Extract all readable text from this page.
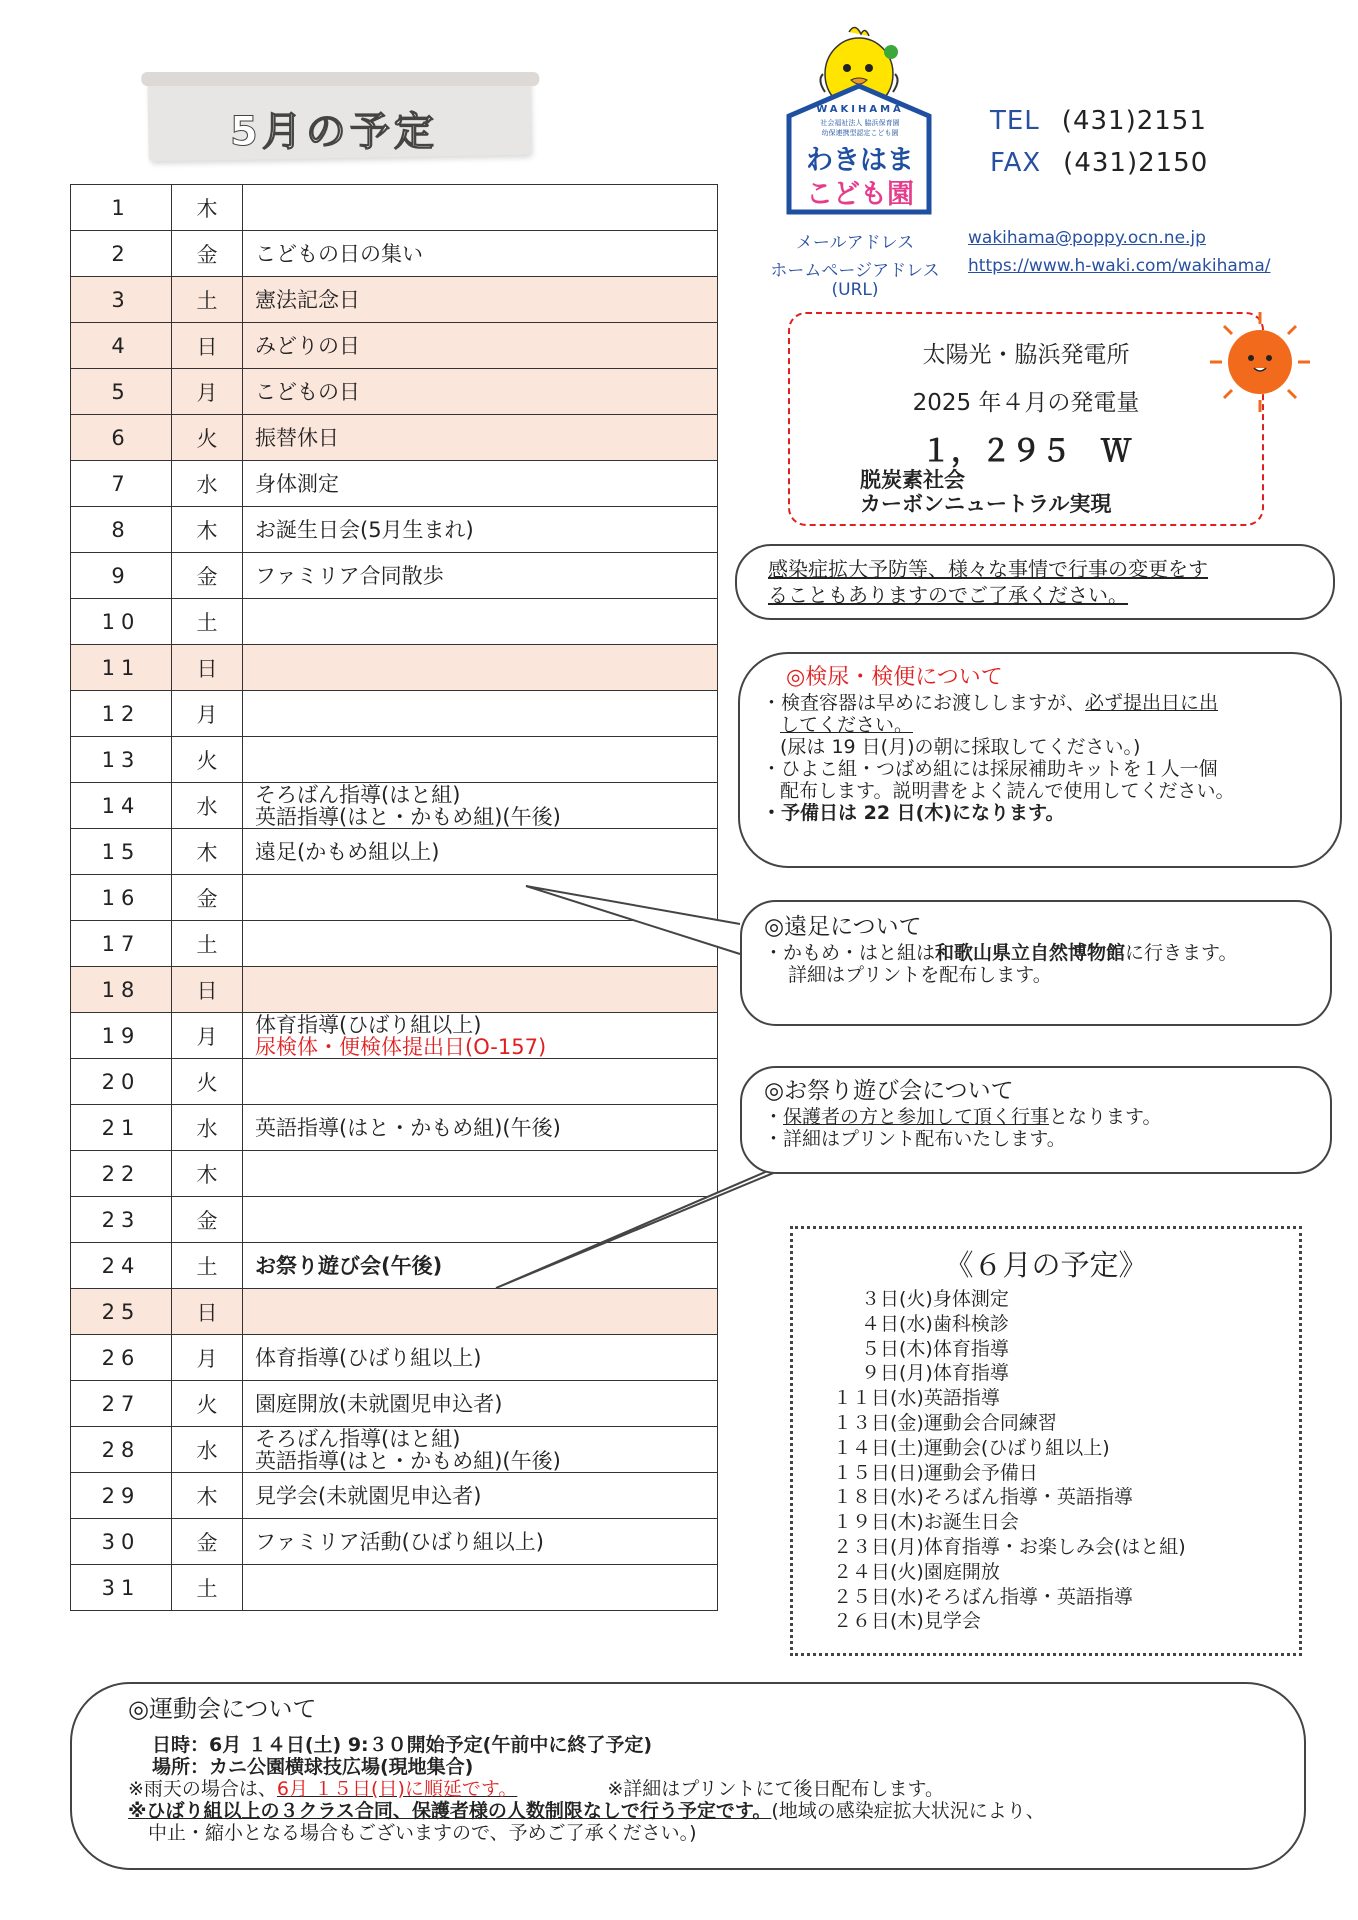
5月の予定
1	木	
2	金	こどもの日の集い

3	土	憲法記念日

4	日	みどりの日

5	月	こどもの日

6	火	振替休日

7	水	身体測定

8	木	お誕生日会(5月生まれ)

9	金	ファミリア合同散歩

10	土	
11	日	
12	月	
13	火	
14	水	そろばん指導(はと組)
英語指導(はと・かもめ組)(午後)

15	木	遠足(かもめ組以上)

16	金	
17	土	
18	日	
19	月	体育指導(ひばり組以上)
尿検体・便検体提出日(O-157)

20	火	
21	水	英語指導(はと・かもめ組)(午後)

22	木	
23	金	
24	土	お祭り遊び会(午後)

25	日	
26	月	体育指導(ひばり組以上)

27	火	園庭開放(未就園児申込者)

28	水	そろばん指導(はと組)
英語指導(はと・かもめ組)(午後)

29	木	見学会(未就園児申込者)

30	金	ファミリア活動(ひばり組以上)

31	土	
WAKIHAMA
社会福祉法人 脇浜保育園
幼保連携型認定こども園
わきはま
こども園
TEL (431)2151
FAX (431)2150
メールアドレス	wakihama@poppy.ocn.ne.jp
ホームページアドレス
(URL)
https://www.h-waki.com/wakihama/
太陽光・脇浜発電所
2025 年４月の発電量
１，２９５　Ｗ
脱炭素社会
カーボンニュートラル実現
感染症拡大予防等、様々な事情で行事の変更をす
ることもありますのでご了承ください。
◎検尿・検便について
・検査容器は早めにお渡ししますが、必ず提出日に出
してください。
(尿は 19 日(月)の朝に採取してください。)
・ひよこ組・つばめ組には採尿補助キットを１人一個
配布します。説明書をよく読んで使用してください。
・予備日は 22 日(木)になります。
◎遠足について
・かもめ・はと組は和歌山県立自然博物館に行きます。
詳細はプリントを配布します。
◎お祭り遊び会について
・保護者の方と参加して頂く行事となります。
・詳細はプリント配布いたします。
《６月の予定》
３日(火)身体測定
４日(水)歯科検診
５日(木)体育指導
９日(月)体育指導
１１日(水)英語指導
１３日(金)運動会合同練習
１４日(土)運動会(ひばり組以上)
１５日(日)運動会予備日
１８日(水)そろばん指導・英語指導
１９日(木)お誕生日会
２３日(月)体育指導・お楽しみ会(はと組)
２４日(火)園庭開放
２５日(水)そろばん指導・英語指導
２６日(木)見学会
◎運動会について
日時：6月 １４日(土) 9:３０開始予定(午前中に終了予定)
場所：カニ公園横球技広場(現地集合)
※雨天の場合は、6月 １５日(日)に順延です。	※詳細はプリントにて後日配布します。
※ひばり組以上の３クラス合同、保護者様の人数制限なしで行う予定です。(地域の感染症拡大状況により、
中止・縮小となる場合もございますので、予めご了承ください。)
